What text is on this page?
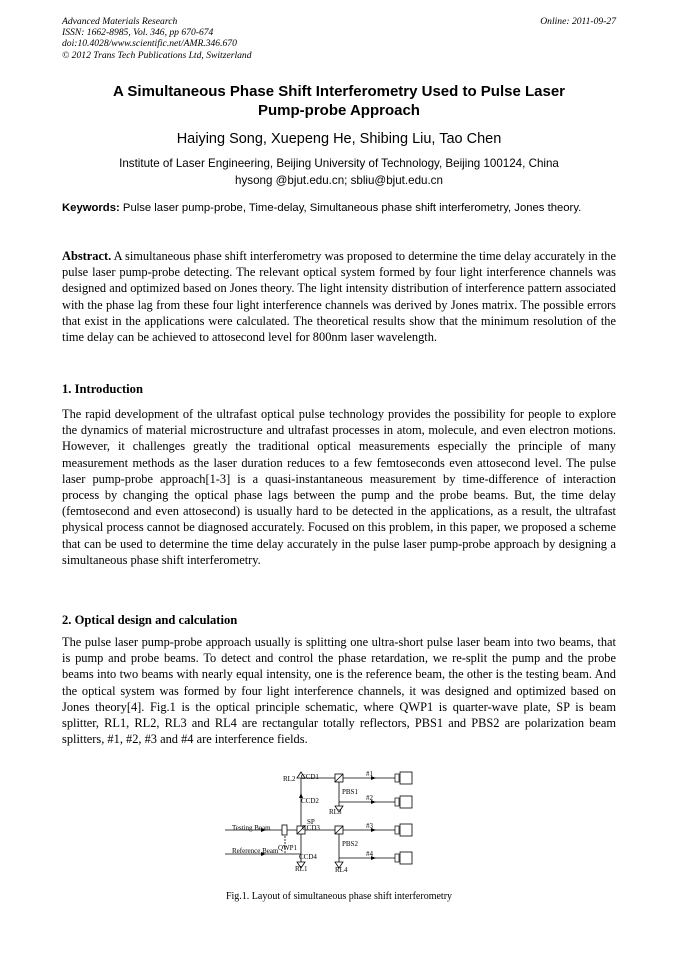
Advanced Materials Research
ISSN: 1662-8985, Vol. 346, pp 670-674
doi:10.4028/www.scientific.net/AMR.346.670
© 2012 Trans Tech Publications Ltd, Switzerland
Online: 2011-09-27
A Simultaneous Phase Shift Interferometry Used to Pulse Laser
Pump-probe Approach
Haiying Song, Xuepeng He, Shibing Liu, Tao Chen
Institute of Laser Engineering, Beijing University of Technology, Beijing 100124, China
hysong @bjut.edu.cn; sbliu@bjut.edu.cn
Keywords: Pulse laser pump-probe, Time-delay, Simultaneous phase shift interferometry, Jones theory.
Abstract. A simultaneous phase shift interferometry was proposed to determine the time delay accurately in the pulse laser pump-probe detecting. The relevant optical system formed by four light interference channels was designed and optimized based on Jones theory. The light intensity distribution of interference pattern associated with the phase lag from these four light interference channels was derived by Jones matrix. The possible errors that exist in the applications were calculated. The theoretical results show that the minimum resolution of the time delay can be achieved to attosecond level for 800nm laser wavelength.
1. Introduction
The rapid development of the ultrafast optical pulse technology provides the possibility for people to explore the dynamics of material microstructure and ultrafast processes in atom, molecule, and even electron motions. However, it challenges greatly the traditional optical measurements especially the principle of many measurement methods as the laser duration reduces to a few femtoseconds even attosecond level. The pulse laser pump-probe approach[1-3] is a quasi-instantaneous measurement by time-difference of interaction process by changing the optical phase lags between the pump and the probe beams. But, the time delay (femtosecond and even attosecond) is usually hard to be detected in the applications, as a result, the ultrafast physical process cannot be diagnosed accurately. Focused on this problem, in this paper, we proposed a scheme that can be used to determine the time delay accurately in the pulse laser pump-probe approach by designing a simultaneous phase shift interferometry.
2. Optical design and calculation
The pulse laser pump-probe approach usually is splitting one ultra-short pulse laser beam into two beams, that is pump and probe beams. To detect and control the phase retardation, we re-split the pump and the probe beams into two beams with nearly equal intensity, one is the reference beam, the other is the testing beam. And the optical system was formed by four light interference channels, it was designed and optimized based on Jones theory[4]. Fig.1 is the optical principle schematic, where QWP1 is quarter-wave plate, SP is beam splitter, RL1, RL2, RL3 and RL4 are rectangular totally reflectors, PBS1 and PBS2 are polarization beam splitters, #1, #2, #3 and #4 are interference fields.
RL2 CCD1
PBS1
CCD2
RL3
SP
CCD3
Testing Beam
QWP1	PBS2
Reference Beam
CCD4
RL1	RL4
#1
#2
#3
#4
Fig.1. Layout of simultaneous phase shift interferometry
